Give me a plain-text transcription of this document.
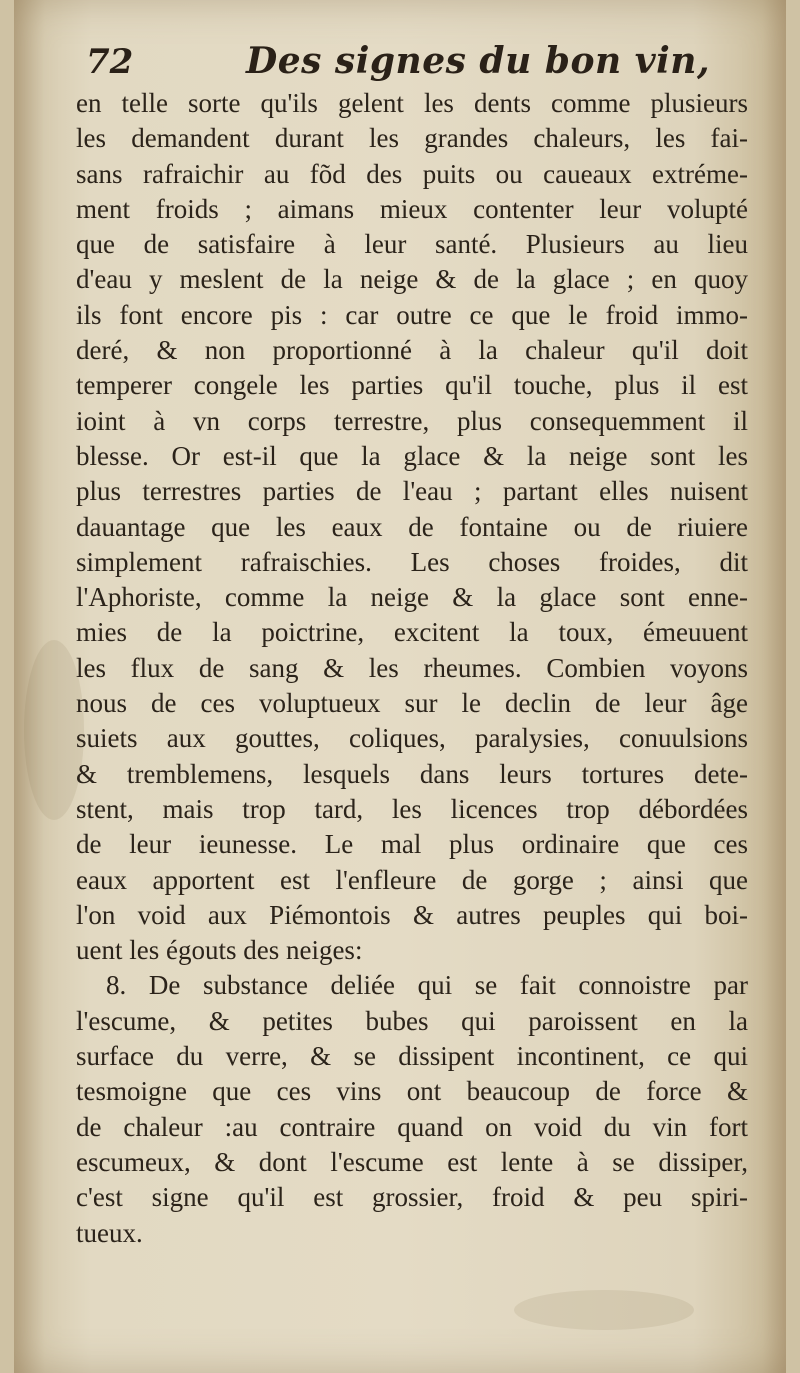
72	Des signes du bon vin,
en telle sorte qu'ils gelent les dents comme plusieurs
les demandent durant les grandes chaleurs, les fai-
sans rafraichir au fõd des puits ou caueaux extréme-
ment froids ; aimans mieux contenter leur volupté
que de satisfaire à leur santé. Plusieurs au lieu
d'eau y meslent de la neige & de la glace ; en quoy
ils font encore pis : car outre ce que le froid immo-
deré, & non proportionné à la chaleur qu'il doit
temperer congele les parties qu'il touche, plus il est
ioint à vn corps terrestre, plus consequemment il
blesse. Or est-il que la glace & la neige sont les
plus terrestres parties de l'eau ; partant elles nuisent
dauantage que les eaux de fontaine ou de riuiere
simplement rafraischies. Les choses froides, dit
l'Aphoriste, comme la neige & la glace sont enne-
mies de la poictrine, excitent la toux, émeuuent
les flux de sang & les rheumes. Combien voyons
nous de ces voluptueux sur le declin de leur âge
suiets aux gouttes, coliques, paralysies, conuulsions
& tremblemens, lesquels dans leurs tortures dete-
stent, mais trop tard, les licences trop débordées
de leur ieunesse. Le mal plus ordinaire que ces
eaux apportent est l'enfleure de gorge ; ainsi que
l'on void aux Piémontois & autres peuples qui boi-
uent les égouts des neiges:
8. De substance deliée qui se fait connoistre par
l'escume, & petites bubes qui paroissent en la
surface du verre, & se dissipent incontinent, ce qui
tesmoigne que ces vins ont beaucoup de force &
de chaleur :au contraire quand on void du vin fort
escumeux, & dont l'escume est lente à se dissiper,
c'est signe qu'il est grossier, froid & peu spiri-
tueux.
